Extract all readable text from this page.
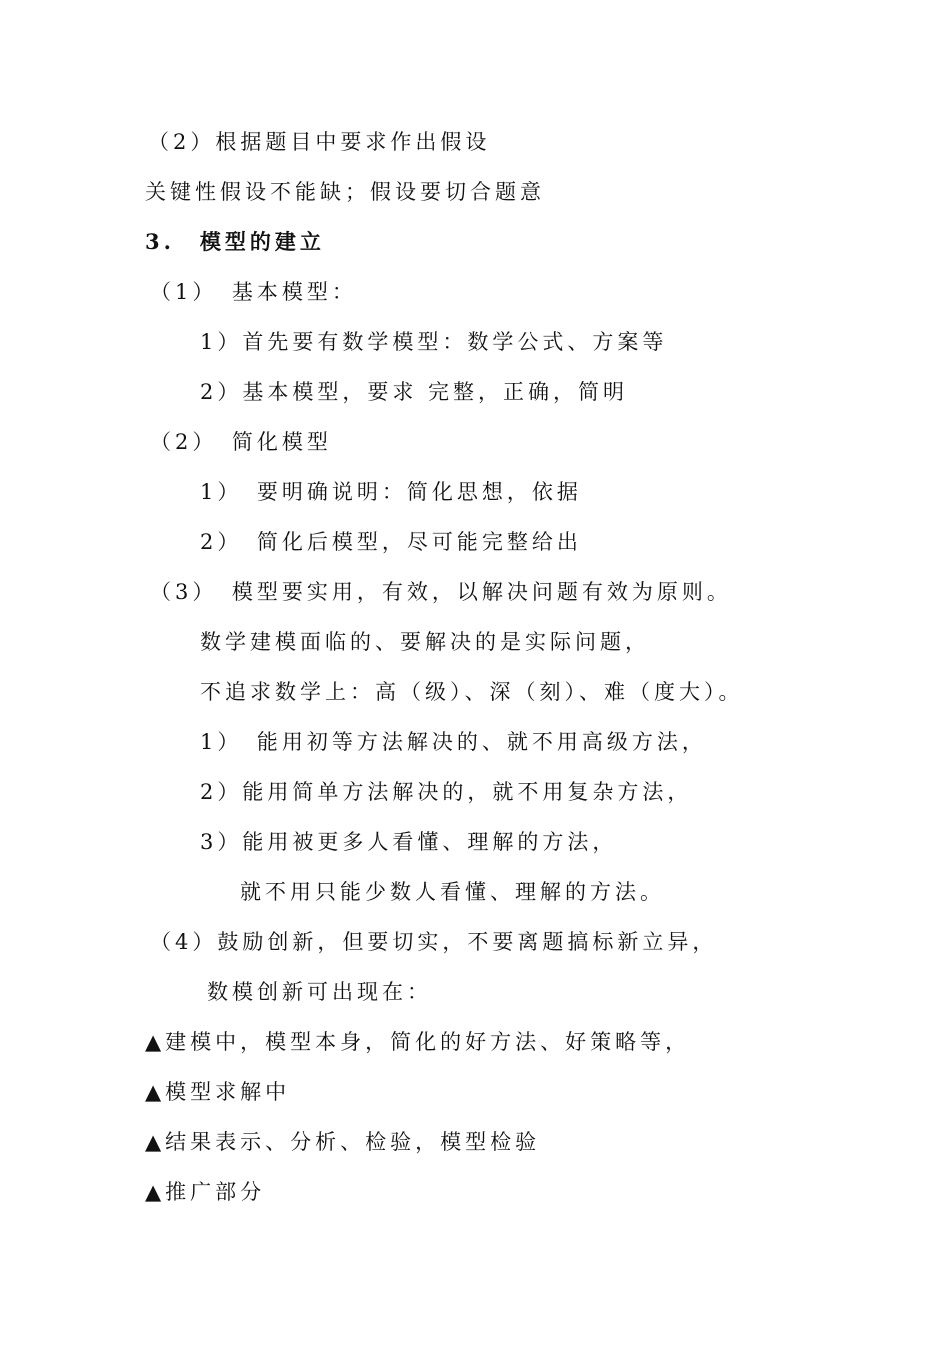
（2）根据题目中要求作出假设
关键性假设不能缺；假设要切合题意
3.　模型的建立
（1）　基本模型：
1）首先要有数学模型：数学公式、方案等
2）基本模型，要求 完整，正确，简明
（2）　简化模型
1）　要明确说明：简化思想，依据
2）　简化后模型，尽可能完整给出
（3）　模型要实用，有效，以解决问题有效为原则。
数学建模面临的、要解决的是实际问题，
不追求数学上：高（级）、深（刻）、难（度大）。
1）　能用初等方法解决的、就不用高级方法，
2）能用简单方法解决的，就不用复杂方法，
3）能用被更多人看懂、理解的方法，
就不用只能少数人看懂、理解的方法。
（4）鼓励创新，但要切实，不要离题搞标新立异，
数模创新可出现在：
▲建模中，模型本身，简化的好方法、好策略等，
▲模型求解中
▲结果表示、分析、检验，模型检验
▲推广部分
